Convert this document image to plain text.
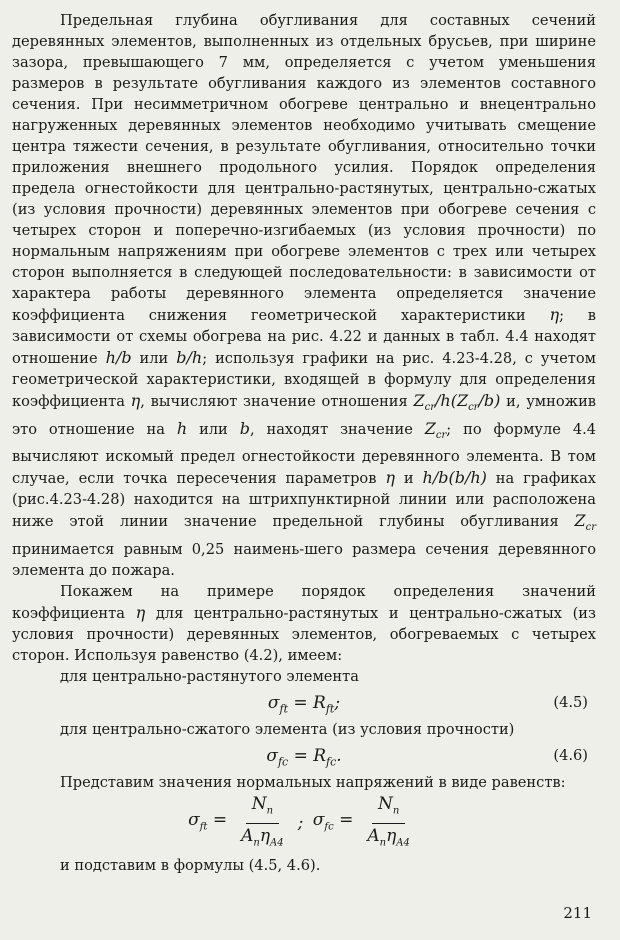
Предельная глубина обугливания для составных сечений деревянных элементов, выполненных из отдельных брусьев, при ширине зазора, превышающего 7 мм, определяется с учетом уменьшения размеров в результате обугливания каждого из элементов составного сечения. При несимметричном обогреве центрально и внецентрально нагруженных деревянных элементов необходимо учитывать смещение центра тяжести сечения, в результате обугливания, относительно точки приложения внешнего продольного усилия. Порядок определения предела огнестойкости для центрально-растянутых, центрально-сжатых (из условия прочности) деревянных элементов при обогреве сечения с четырех сторон и поперечно-изгибаемых (из условия прочности) по нормальным напряжениям при обогреве элементов с трех или четырех сторон выполняется в следующей последовательности: в зависимости от характера работы деревянного элемента определяется значение коэффициента снижения геометрической характеристики η; в зависимости от схемы обогрева на рис. 4.22 и данных в табл. 4.4 находят отношение h/b или b/h; используя графики на рис. 4.23-4.28, с учетом геометрической характеристики, входящей в формулу для определения коэффициента η, вычисляют значение отношения $Z_{cr}/h(Z_{cr}/b)$ и, умножив это отношение на h или b, находят значение $Z_{cr}$; по формуле 4.4 вычисляют искомый предел огнестойкости деревянного элемента. В том случае, если точка пересечения параметров η и h/b(b/h) на графиках (рис.4.23-4.28) находится на штрихпунктирной линии или расположена ниже этой линии значение предельной глубины обугливания $Z_{cr}$ принимается равным 0,25 наимень-шего размера сечения деревянного элемента до пожара.

Покажем на примере порядок определения значений коэффициента η для центрально-растянутых и центрально-сжатых (из условия прочности) деревянных элементов, обогреваемых с четырех сторон. Используя равенство (4.2), имеем:

для центрально-растянутого элемента

$\sigma_{ft} = R_{ft}$;	(4.5)

для центрально-сжатого элемента (из условия прочности)

$\sigma_{fc} = R_{fc}$.	(4.6)

Представим значения нормальных напряжений в виде равенств:

$\sigma_{ft} = \frac{N_n}{A_n\eta_{A4}}$ ; $\sigma_{fc} = \frac{N_n}{A_n\eta_{A4}}$

и подставим в формулы (4.5, 4.6).

211
